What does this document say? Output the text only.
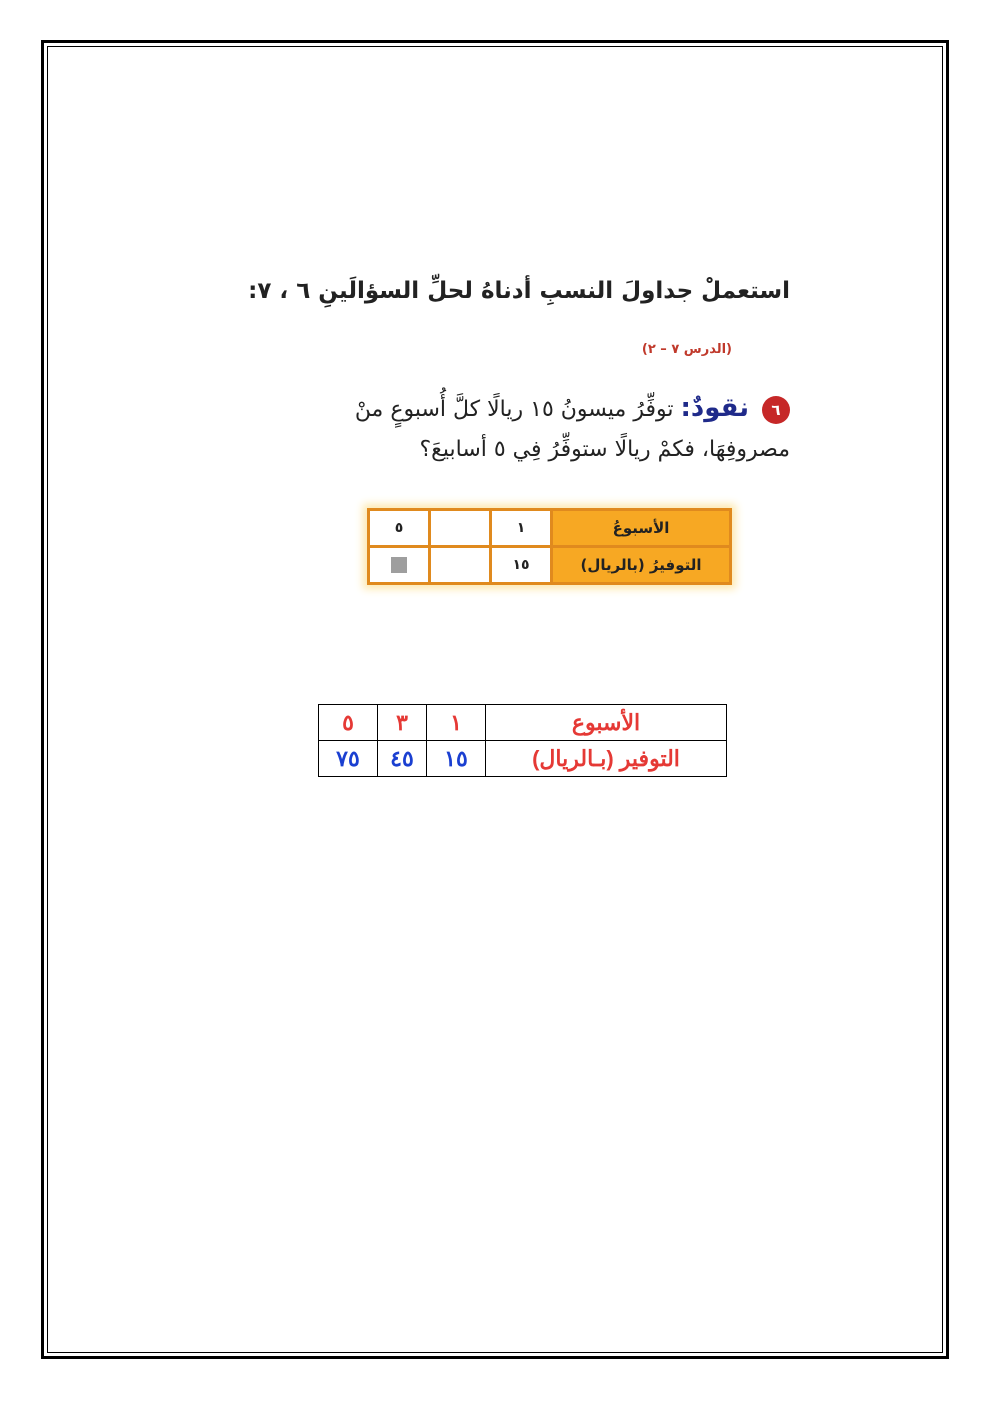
استعملْ جداولَ النسبِ أدناهُ لحلِّ السؤالَينِ ٦ ، ٧:
(الدرس ٧ – ٢)
٦ نقودٌ: توفِّرُ ميسونُ ١٥ ريالًا كلَّ أُسبوعٍ منْ
مصروفِهَا، فكمْ ريالًا ستوفِّرُ فِي ٥ أسابيعَ؟
الأسبوعُ	١		٥
التوفيرُ (بالريال)	١٥		
الأسبوع	١	٣	٥
التوفير (بـالريال)	١٥	٤٥	٧٥
